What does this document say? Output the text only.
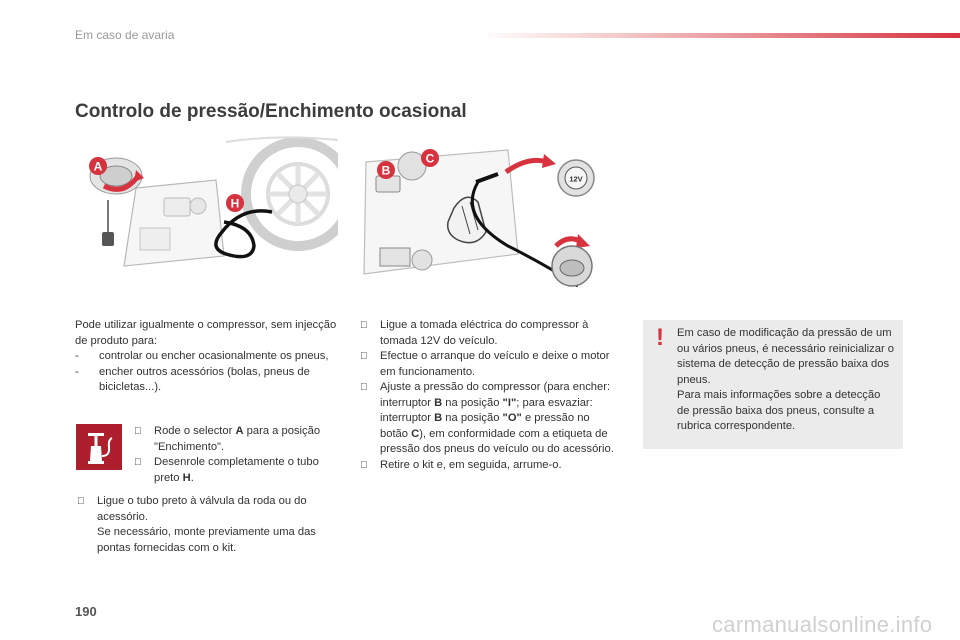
Em caso de avaria
Controlo de pressão/Enchimento ocasional
A
H
12V
B
C

Pode utilizar igualmente o compressor, sem injecção de produto para:

- controlar ou encher ocasionalmente os pneus,
- encher outros acessórios (bolas, pneus de bicicletas...).
Rode o selector A para a posição "Enchimento".
Desenrole completamente o tubo preto H.
Ligue o tubo preto à válvula da roda ou do acessório.
Se necessário, monte previamente uma das pontas fornecidas com o kit.
Ligue a tomada eléctrica do compressor à tomada 12V do veículo.
Efectue o arranque do veículo e deixe o motor em funcionamento.
Ajuste a pressão do compressor (para encher: interruptor B na posição "I"; para esvaziar: interruptor B na posição "O" e pressão no botão C), em conformidade com a etiqueta de pressão dos pneus do veículo ou do acessório.
Retire o kit e, em seguida, arrume-o.
! Em caso de modificação da pressão de um ou vários pneus, é necessário reinicializar o sistema de detecção de pressão baixa dos pneus.
Para mais informações sobre a detecção de pressão baixa dos pneus, consulte a rubrica correspondente.
190
carmanualsonline.info
